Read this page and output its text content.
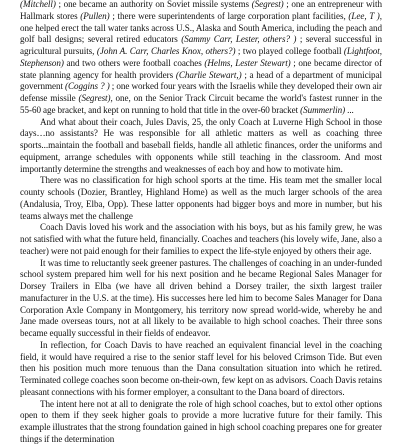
(Mitchell) ; one became an authority on Soviet missile systems (Segrest) ; one an entrepreneur with Hallmark stores (Pullen) ; there were superintendents of large corporation plant facilities, (Lee, T ), one helped erect the tall water tanks across U.S., Alaska and South America, including the peach and golf ball designs; several retired educators (Sammy Carr, Lester, others? ) ; several successful in agricultural pursuits, (John A. Carr, Charles Knox, others?) ; two played college football (Lightfoot, Stephenson) and two others were football coaches (Helms, Lester Stewart) ; one became director of state planning agency for health providers (Charlie Stewart,) ; a head of a department of municipal government (Coggins ? ) ; one worked four years with the Israelis while they developed their own air defense missile (Segrest), one, on the Senior Track Circuit became the world's fastest runner in the 55-60 age bracket, and kept on running to hold that title in the over-60 bracket (Summerlin) ...

And what about their coach, Jules Davis, 25, the only Coach at Luverne High School in those days…no assistants? He was responsible for all athletic matters as well as coaching three sports...maintain the football and baseball fields, handle all athletic finances, order the uniforms and equipment, arrange schedules with opponents while still teaching in the classroom. And most importantly determine the strengths and weaknesses of each boy and how to motivate him.

There was no classification for high school sports at the time. His team met the smaller local county schools (Dozier, Brantley, Highland Home) as well as the much larger schools of the area (Andalusia, Troy, Elba, Opp). These latter opponents had bigger boys and more in number, but his teams always met the challenge

Coach Davis loved his work and the association with his boys, but as his family grew, he was not satisfied with what the future held, financially. Coaches and teachers (his lovely wife, Jane, also a teacher) were not paid enough for their families to expect the life-style enjoyed by others their age.

It was time to reluctantly seek greener pastures. The challenges of coaching in an under-funded school system prepared him well for his next position and he became Regional Sales Manager for Dorsey Trailers in Elba (we have all driven behind a Dorsey trailer, the sixth largest trailer manufacturer in the U.S. at the time). His successes here led him to become Sales Manager for Dana Corporation Axle Company in Montgomery, his territory now spread world-wide, whereby he and Jane made overseas tours, not at all likely to be available to high school coaches. Their three sons became equally successful in their fields of endeavor.

In reflection, for Coach Davis to have reached an equivalent financial level in the coaching field, it would have required a rise to the senior staff level for his beloved Crimson Tide. But even then his position much more tenuous than the Dana consultation situation into which he retired. Terminated college coaches soon become on-their-own, few kept on as advisors. Coach Davis retains pleasant connections with his former employer, a consultant to the Dana board of directors.

The intent here not at all to denigrate the role of high school coaches, but to extol other options open to them if they seek higher goals to provide a more lucrative future for their family. This example illustrates that the strong foundation gained in high school coaching prepares one for greater things if the determination
